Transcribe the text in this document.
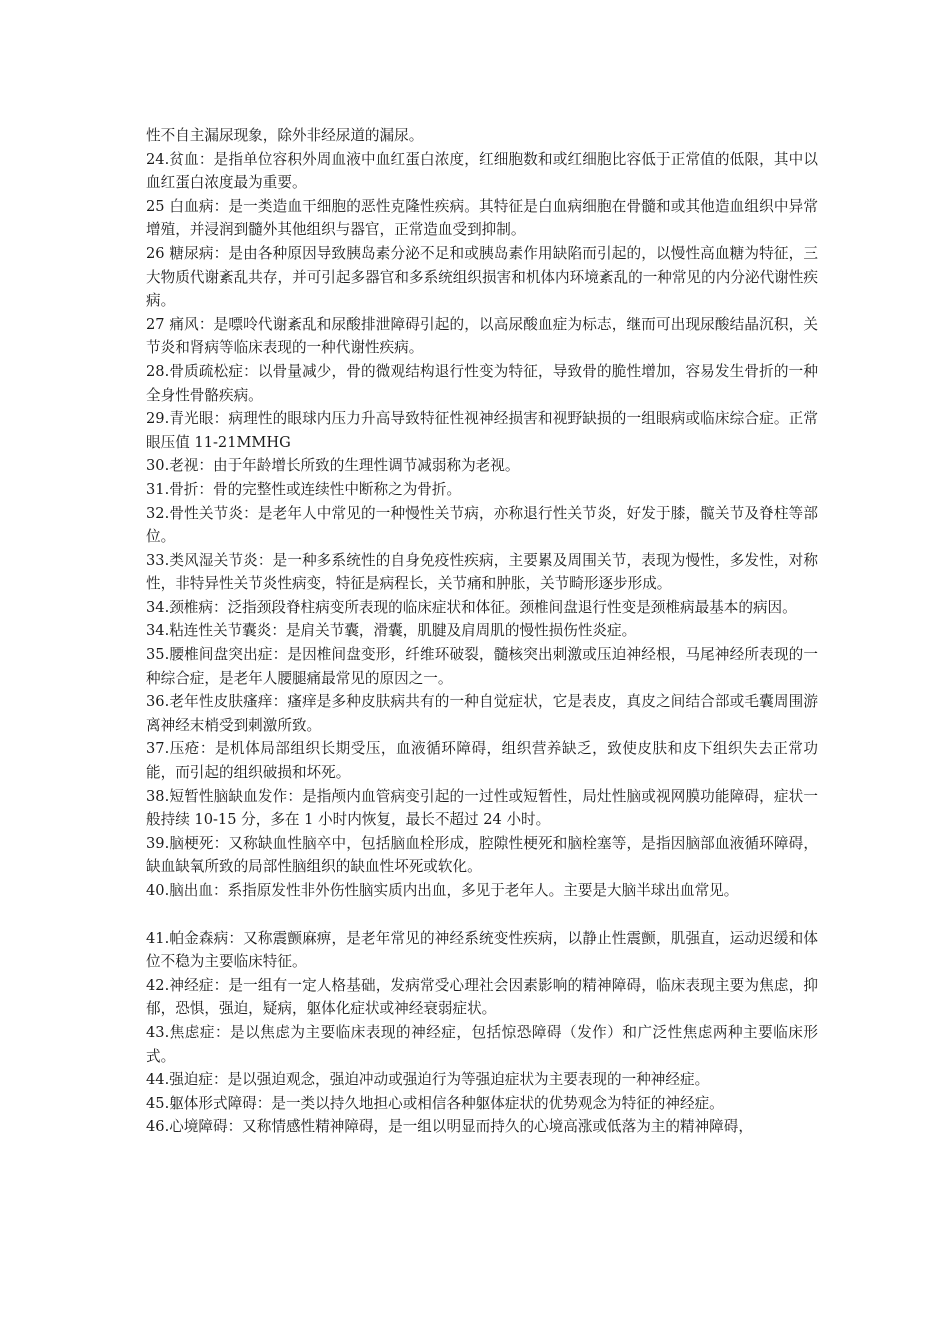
性不自主漏尿现象，除外非经尿道的漏尿。

24.贫血：是指单位容积外周血液中血红蛋白浓度，红细胞数和或红细胞比容低于正常值的低限，其中以血红蛋白浓度最为重要。

25 白血病：是一类造血干细胞的恶性克隆性疾病。其特征是白血病细胞在骨髓和或其他造血组织中异常增殖，并浸润到髓外其他组织与器官，正常造血受到抑制。

26 糖尿病：是由各种原因导致胰岛素分泌不足和或胰岛素作用缺陷而引起的，以慢性高血糖为特征，三大物质代谢紊乱共存，并可引起多器官和多系统组织损害和机体内环境紊乱的一种常见的内分泌代谢性疾病。

27 痛风：是嘌呤代谢紊乱和尿酸排泄障碍引起的，以高尿酸血症为标志，继而可出现尿酸结晶沉积，关节炎和肾病等临床表现的一种代谢性疾病。

28.骨质疏松症：以骨量减少，骨的微观结构退行性变为特征，导致骨的脆性增加，容易发生骨折的一种全身性骨骼疾病。

29.青光眼：病理性的眼球内压力升高导致特征性视神经损害和视野缺损的一组眼病或临床综合症。正常眼压值 11-21MMHG

30.老视：由于年龄增长所致的生理性调节减弱称为老视。

31.骨折：骨的完整性或连续性中断称之为骨折。

32.骨性关节炎：是老年人中常见的一种慢性关节病，亦称退行性关节炎，好发于膝，髋关节及脊柱等部位。

33.类风湿关节炎：是一种多系统性的自身免疫性疾病，主要累及周围关节，表现为慢性，多发性，对称性，非特异性关节炎性病变，特征是病程长，关节痛和肿胀，关节畸形逐步形成。

34.颈椎病：泛指颈段脊柱病变所表现的临床症状和体征。颈椎间盘退行性变是颈椎病最基本的病因。

34.粘连性关节囊炎：是肩关节囊，滑囊，肌腱及肩周肌的慢性损伤性炎症。

35.腰椎间盘突出症：是因椎间盘变形，纤维环破裂，髓核突出刺激或压迫神经根，马尾神经所表现的一种综合症，是老年人腰腿痛最常见的原因之一。

36.老年性皮肤瘙痒：瘙痒是多种皮肤病共有的一种自觉症状，它是表皮，真皮之间结合部或毛囊周围游离神经末梢受到刺激所致。

37.压疮：是机体局部组织长期受压，血液循环障碍，组织营养缺乏，致使皮肤和皮下组织失去正常功能，而引起的组织破损和坏死。

38.短暂性脑缺血发作：是指颅内血管病变引起的一过性或短暂性，局灶性脑或视网膜功能障碍，症状一般持续 10-15 分，多在 1 小时内恢复，最长不超过 24 小时。

39.脑梗死：又称缺血性脑卒中，包括脑血栓形成，腔隙性梗死和脑栓塞等，是指因脑部血液循环障碍，缺血缺氧所致的局部性脑组织的缺血性坏死或软化。

40.脑出血：系指原发性非外伤性脑实质内出血，多见于老年人。主要是大脑半球出血常见。

41.帕金森病：又称震颤麻痹，是老年常见的神经系统变性疾病，以静止性震颤，肌强直，运动迟缓和体位不稳为主要临床特征。

42.神经症：是一组有一定人格基础，发病常受心理社会因素影响的精神障碍，临床表现主要为焦虑，抑郁，恐惧，强迫，疑病，躯体化症状或神经衰弱症状。

43.焦虑症：是以焦虑为主要临床表现的神经症，包括惊恐障碍（发作）和广泛性焦虑两种主要临床形式。

44.强迫症：是以强迫观念，强迫冲动或强迫行为等强迫症状为主要表现的一种神经症。

45.躯体形式障碍：是一类以持久地担心或相信各种躯体症状的优势观念为特征的神经症。

46.心境障碍：又称情感性精神障碍，是一组以明显而持久的心境高涨或低落为主的精神障碍，
